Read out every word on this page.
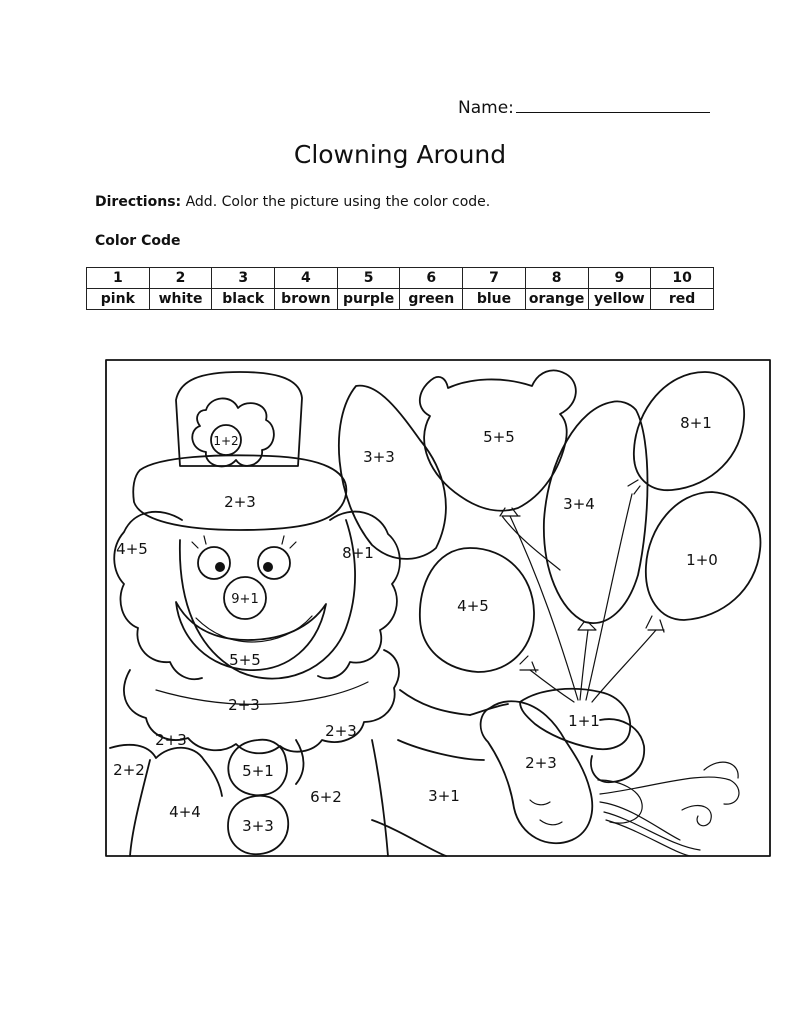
Name:
Clowning Around
Directions: Add. Color the picture using the color code.
Color Code
1	2	3	4	5	6	7	8	9	10
pink	white	black	brown	purple	green	blue	orange	yellow	red
1+2
2+3
4+5	8+1
9+1
5+5
2+3
2+3	2+3
2+2
4+4
5+1
3+3
6+2
3+3
5+5
3+4
8+1
1+0
4+5
1+1
2+3
3+1
